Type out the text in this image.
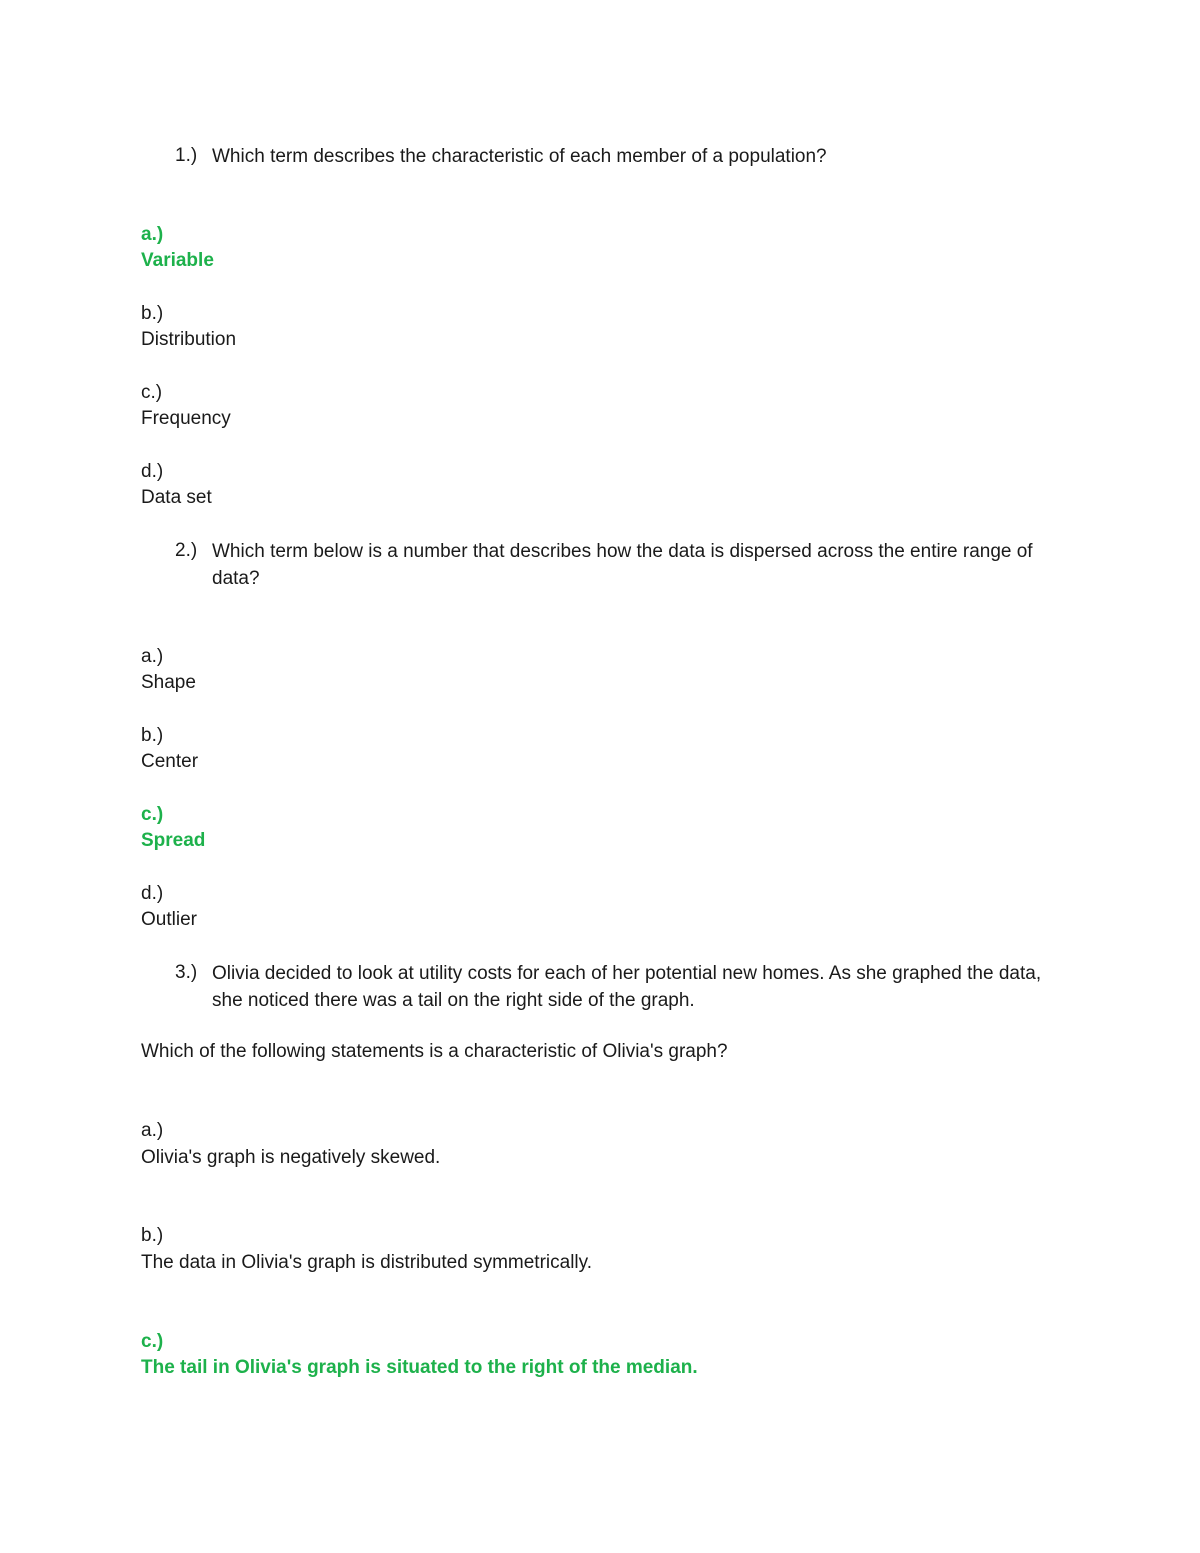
1.) Which term describes the characteristic of each member of a population?
a.)
Variable
b.)
Distribution
c.)
Frequency
d.)
Data set
2.) Which term below is a number that describes how the data is dispersed across the entire range of data?
a.)
Shape
b.)
Center
c.)
Spread
d.)
Outlier
3.) Olivia decided to look at utility costs for each of her potential new homes. As she graphed the data, she noticed there was a tail on the right side of the graph.
Which of the following statements is a characteristic of Olivia's graph?
a.)
Olivia's graph is negatively skewed.
b.)
The data in Olivia's graph is distributed symmetrically.
c.)
The tail in Olivia's graph is situated to the right of the median.
